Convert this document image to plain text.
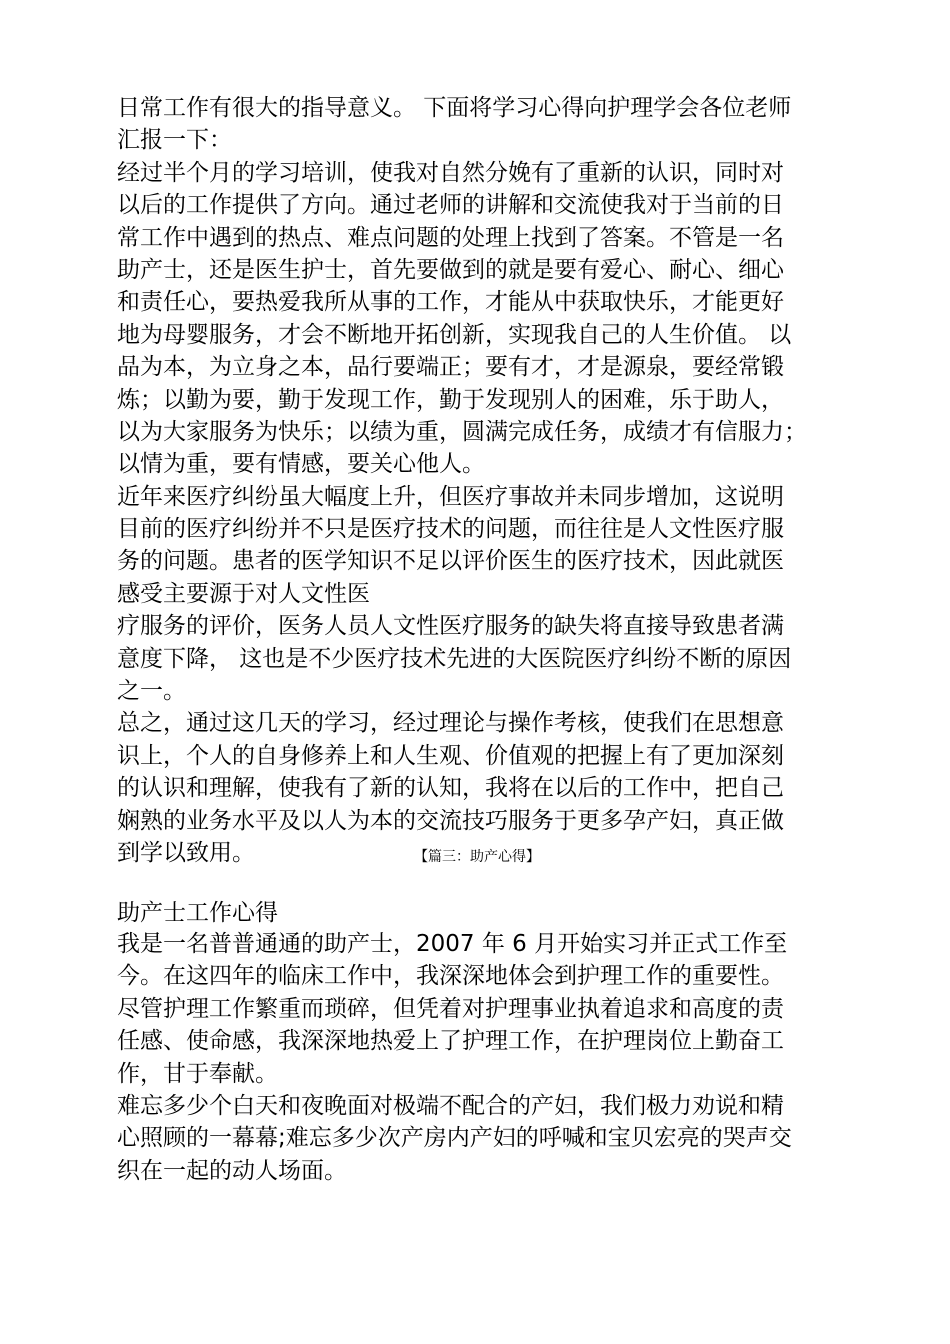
日常工作有很大的指导意义。 下面将学习心得向护理学会各位老师
汇报一下：
经过半个月的学习培训，使我对自然分娩有了重新的认识，同时对
以后的工作提供了方向。通过老师的讲解和交流使我对于当前的日
常工作中遇到的热点、难点问题的处理上找到了答案。不管是一名
助产士，还是医生护士，首先要做到的就是要有爱心、耐心、细心
和责任心，要热爱我所从事的工作，才能从中获取快乐，才能更好
地为母婴服务，才会不断地开拓创新，实现我自己的人生价值。 以
品为本，为立身之本，品行要端正；要有才，才是源泉，要经常锻
炼；以勤为要，勤于发现工作，勤于发现别人的困难，乐于助人，
以为大家服务为快乐；以绩为重，圆满完成任务，成绩才有信服力；
以情为重，要有情感，要关心他人。
近年来医疗纠纷虽大幅度上升，但医疗事故并未同步增加，这说明
目前的医疗纠纷并不只是医疗技术的问题，而往往是人文性医疗服
务的问题。患者的医学知识不足以评价医生的医疗技术，因此就医
感受主要源于对人文性医
疗服务的评价，医务人员人文性医疗服务的缺失将直接导致患者满
意度下降， 这也是不少医疗技术先进的大医院医疗纠纷不断的原因
之一。
总之，通过这几天的学习，经过理论与操作考核，使我们在思想意
识上，个人的自身修养上和人生观、价值观的把握上有了更加深刻
的认识和理解，使我有了新的认知，我将在以后的工作中，把自己
娴熟的业务水平及以人为本的交流技巧服务于更多孕产妇，真正做
到学以致用。	【篇三：助产心得】
助产士工作心得
我是一名普普通通的助产士，2007 年 6 月开始实习并正式工作至
今。在这四年的临床工作中，我深深地体会到护理工作的重要性。
尽管护理工作繁重而琐碎，但凭着对护理事业执着追求和高度的责
任感、使命感，我深深地热爱上了护理工作，在护理岗位上勤奋工
作，甘于奉献。
难忘多少个白天和夜晚面对极端不配合的产妇，我们极力劝说和精
心照顾的一幕幕;难忘多少次产房内产妇的呼喊和宝贝宏亮的哭声交
织在一起的动人场面。
